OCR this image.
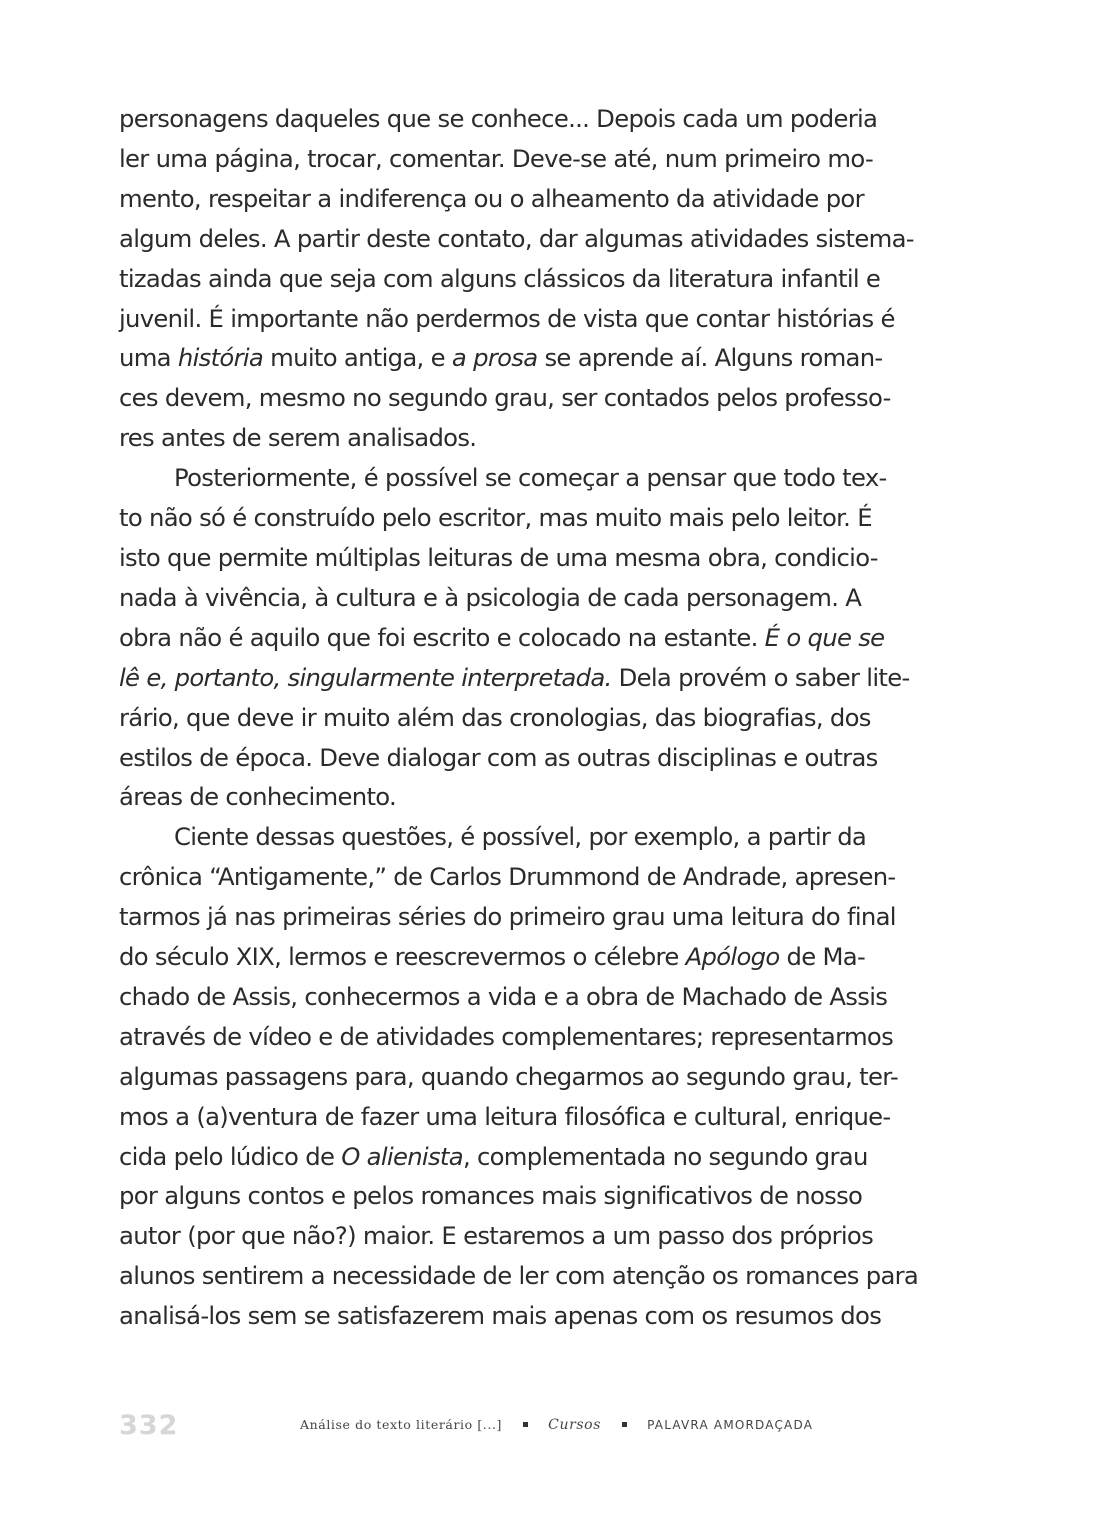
personagens daqueles que se conhece... Depois cada um poderia
ler uma página, trocar, comentar. Deve-se até, num primeiro mo-
mento, respeitar a indiferença ou o alheamento da atividade por
algum deles. A partir deste contato, dar algumas atividades sistema-
tizadas ainda que seja com alguns clássicos da literatura infantil e
juvenil. É importante não perdermos de vista que contar histórias é
uma história muito antiga, e a prosa se aprende aí. Alguns roman-
ces devem, mesmo no segundo grau, ser contados pelos professo-
res antes de serem analisados.

Posteriormente, é possível se começar a pensar que todo tex-
to não só é construído pelo escritor, mas muito mais pelo leitor. É
isto que permite múltiplas leituras de uma mesma obra, condicio-
nada à vivência, à cultura e à psicologia de cada personagem. A
obra não é aquilo que foi escrito e colocado na estante. É o que se
lê e, portanto, singularmente interpretada. Dela provém o saber lite-
rário, que deve ir muito além das cronologias, das biografias, dos
estilos de época. Deve dialogar com as outras disciplinas e outras
áreas de conhecimento.

Ciente dessas questões, é possível, por exemplo, a partir da
crônica “Antigamente,” de Carlos Drummond de Andrade, apresen-
tarmos já nas primeiras séries do primeiro grau uma leitura do final
do século XIX, lermos e reescrevermos o célebre Apólogo de Ma-
chado de Assis, conhecermos a vida e a obra de Machado de Assis
através de vídeo e de atividades complementares; representarmos
algumas passagens para, quando chegarmos ao segundo grau, ter-
mos a (a)ventura de fazer uma leitura filosófica e cultural, enrique-
cida pelo lúdico de O alienista, complementada no segundo grau
por alguns contos e pelos romances mais significativos de nosso
autor (por que não?) maior. E estaremos a um passo dos próprios
alunos sentirem a necessidade de ler com atenção os romances para
analisá-los sem se satisfazerem mais apenas com os resumos dos

332	Análise do texto literário [...]	Cursos	PALAVRA AMORDAÇADA
